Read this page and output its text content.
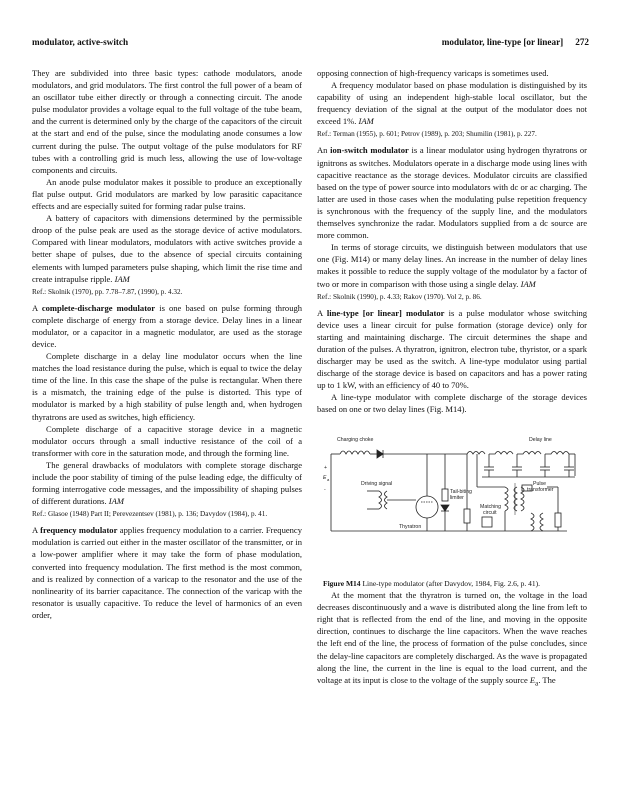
modulator, active-switch	modulator, line-type [or linear] 272

They are subdivided into three basic types: cathode modulators, anode modulators, and grid modulators. The first control the full power of a beam of an oscillator tube either directly or through a connecting circuit. The anode pulse modulator provides a voltage equal to the full voltage of the tube beam, and the current is determined only by the charge of the capacitors of the circuit at the start and end of the pulse, since the modulating anode consumes a low current during the pulse. The output voltage of the pulse modulators for RF tubes with a controlling grid is much less, allowing the use of low-voltage components and circuits.

An anode pulse modulator makes it possible to produce an exceptionally flat pulse output. Grid modulators are marked by low parasitic capacitance effects and are especially suited for forming radar pulse trains.

A battery of capacitors with dimensions determined by the permissible droop of the pulse peak are used as the storage device of active modulators. Compared with linear modulators, modulators with active switches provide a better shape of pulses, due to the absence of special circuits containing elements with lumped parameters pulse shaping, which limit the rise time and create intrapulse ripple. IAM

Ref.: Skolnik (1970), pp. 7.78–7.87, (1990), p. 4.32.

A complete-discharge modulator is one based on pulse forming through complete discharge of energy from a storage device. Delay lines in a linear modulator, or a capacitor in a magnetic modulator, are used as the storage device.

Complete discharge in a delay line modulator occurs when the line matches the load resistance during the pulse, which is equal to twice the delay time of the line. In this case the shape of the pulse is rectangular. When there is a mismatch, the training edge of the pulse is distorted. This type of modulator is marked by a high stability of pulse length and, when hydrogen thyratrons are used as switches, high efficiency.

Complete discharge of a capacitive storage device in a magnetic modulator occurs through a small inductive resistance of the coil of a transformer with core in the saturation mode, and through the forming line.

The general drawbacks of modulators with complete storage discharge include the poor stability of timing of the pulse leading edge, the difficulty of forming interrogative code messages, and the impossibility of shaping pulses of different durations. IAM

Ref.: Glasoe (1948) Part II; Perevezentsev (1981), p. 136; Davydov (1984), p. 41.

A frequency modulator applies frequency modulation to a carrier. Frequency modulation is carried out either in the master oscillator of the transmitter, or in a low-power amplifier where it may take the form of phase modulation, converted into frequency modulation. The first method is the most common, and is realized by connection of a varicap to the resonator and the use of the nonlinearity of its barrier capacitance. The connection of the varicap with the resonator is usually capacitive. To reduce the level of harmonics of an even order,

opposing connection of high-frequency varicaps is sometimes used.

A frequency modulator based on phase modulation is distinguished by its capability of using an independent high-stable local oscillator, but the frequency deviation of the signal at the output of the modulator does not exceed 1%. IAM

Ref.: Terman (1955), p. 601; Petrov (1989), p. 203; Shumilin (1981), p. 227.

An ion-switch modulator is a linear modulator using hydrogen thyratrons or ignitrons as switches. Modulators operate in a discharge mode using lines with capacitive reactance as the storage devices. Modulator circuits are classified based on the type of power source into modulators with dc or ac charging. The latter are used in those cases when the modulating pulse repetition frequency is synchronous with the frequency of the supply line, and the modulators themselves synchronize the radar. Modulators supplied from a dc source are more common.

In terms of storage circuits, we distinguish between modulators that use one (Fig. M14) or many delay lines. An increase in the number of delay lines makes it possible to reduce the supply voltage of the modulator by a factor of two or more in comparison with those using a single delay. IAM

Ref.: Skolnik (1990), p. 4.33; Rakov (1970). Vol 2, p. 86.

A line-type [or linear] modulator is a pulse modulator whose switching device uses a linear circuit for pulse formation (storage device) only for starting and maintaining discharge. The circuit determines the shape and duration of the pulses. A thyratron, ignitron, electron tube, thyristor, or a spark discharger may be used as the switch. A line-type modulator using partial discharge of the storage device is based on capacitors and has a power rating up to 1 kW, with an efficiency of 40 to 70%.

A line-type modulator with complete discharge of the storage devices based on one or two delay lines (Fig. M14).

Charging choke	Delay line
+
E a
-
Driving signal
Thyratron
Tail-biting
limiter
Matching
circuit
Pulse
transformer

Figure M14 Line-type modulator (after Davydov, 1984, Fig. 2.6, p. 41).

At the moment that the thyratron is turned on, the voltage in the load decreases discontinuously and a wave is distributed along the line from left to right that is reflected from the end of the line, and moving in the opposite direction, continues to discharge the line capacitors. When the wave reaches the left end of the line, the process of formation of the pulse concludes, since the delay-line capacitors are completely discharged. As the wave is propagated along the line, the current in the line is equal to the load current, and the voltage at its input is close to the voltage of the supply source $E_a$. The
